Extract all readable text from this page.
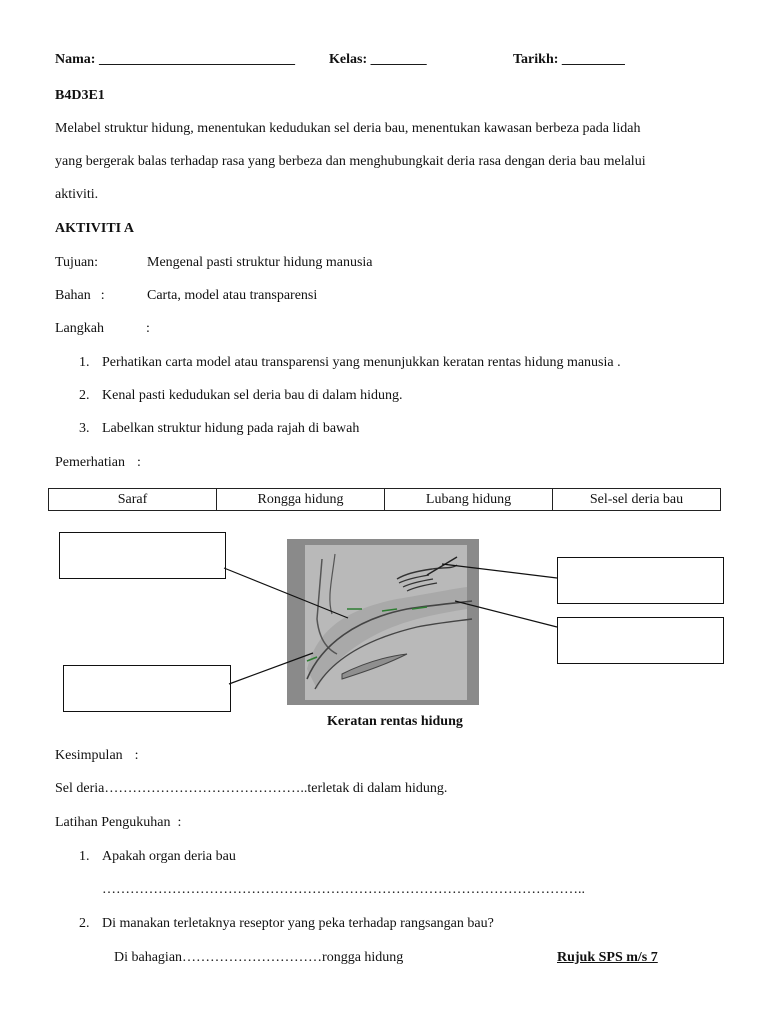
Nama: ____________________________ Kelas: ________	Tarikh: _________
B4D3E1
Melabel struktur hidung, menentukan kedudukan sel deria bau, menentukan kawasan berbeza pada lidah
yang bergerak balas terhadap rasa yang berbeza dan menghubungkait deria rasa dengan deria bau melalui
aktiviti.
AKTIVITI A
Tujuan:	Mengenal pasti struktur hidung manusia
Bahan :	Carta, model atau transparensi
Langkah	:
1. Perhatikan carta model atau transparensi yang menunjukkan keratan rentas hidung manusia .
2. Kenal pasti kedudukan sel deria bau di dalam hidung.
3. Labelkan struktur hidung pada rajah di bawah
Pemerhatian :
Saraf	Rongga hidung	Lubang hidung	Sel-sel deria bau
Keratan rentas hidung
Kesimpulan :
Sel deria……………………………………..terletak di dalam hidung.
Latihan Pengukuhan :
1. Apakah organ deria bau
…………………………………………………………………………………………..
2. Di manakan terletaknya reseptor yang peka terhadap rangsangan bau?
Di bahagian…………………………rongga hidung	Rujuk SPS m/s 7
